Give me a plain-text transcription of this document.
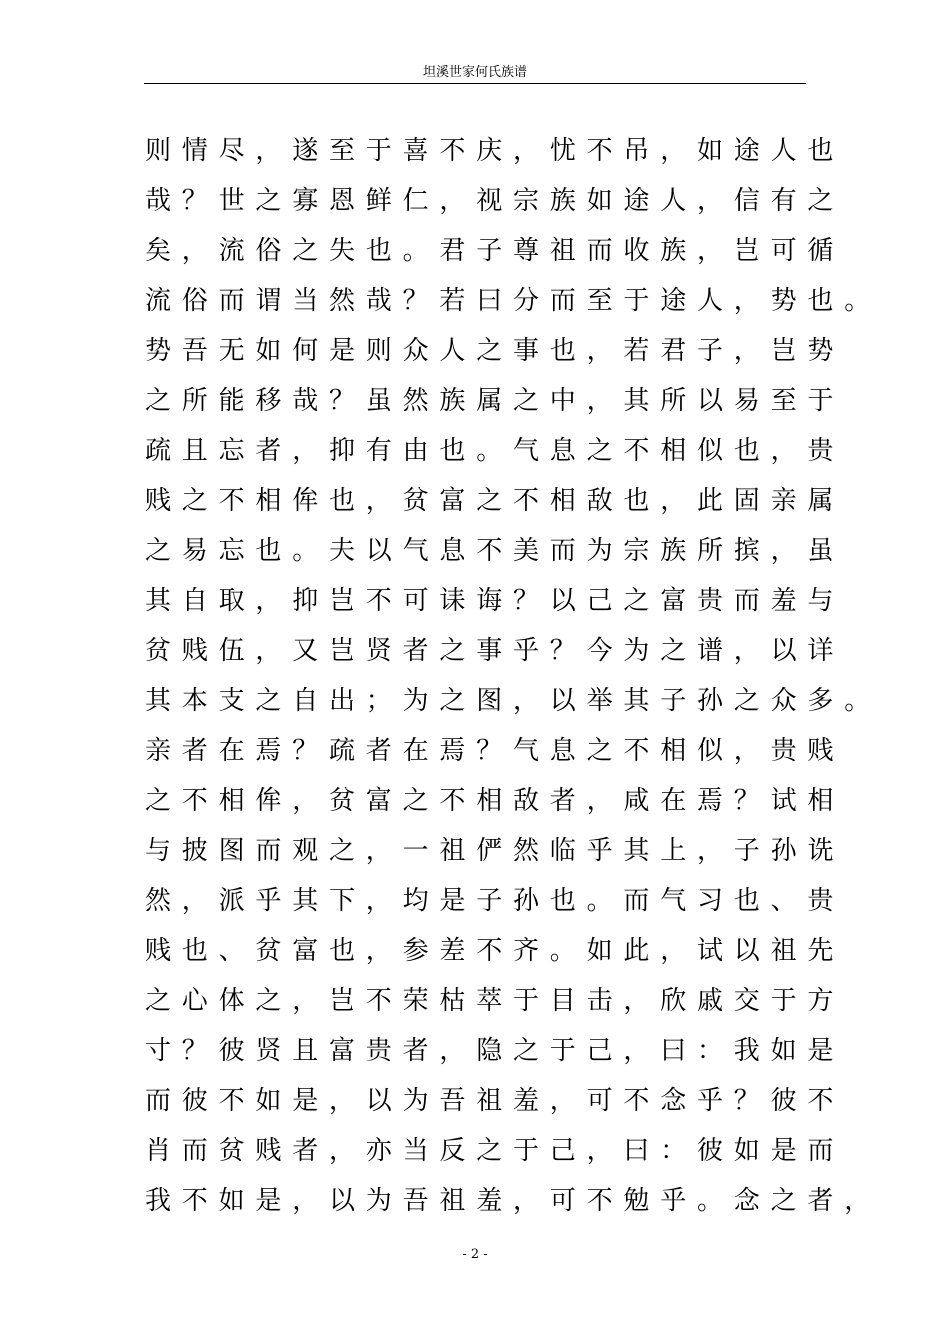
坦溪世家何氏族谱
则情尽，遂至于喜不庆，忧不吊，如途人也
哉？世之寡恩鲜仁，视宗族如途人，信有之
矣，流俗之失也。君子尊祖而收族，岂可循
流俗而谓当然哉？若曰分而至于途人，势也。
势吾无如何是则众人之事也，若君子，岂势
之所能移哉？虽然族属之中，其所以易至于
疏且忘者，抑有由也。气息之不相似也，贵
贱之不相侔也，贫富之不相敌也，此固亲属
之易忘也。夫以气息不美而为宗族所摈，虽
其自取，抑岂不可诔诲？以己之富贵而羞与
贫贱伍，又岂贤者之事乎？今为之谱，以详
其本支之自出；为之图，以举其子孙之众多。
亲者在焉？疏者在焉？气息之不相似，贵贱
之不相侔，贫富之不相敌者，咸在焉？试相
与披图而观之，一祖俨然临乎其上，子孙诜
然，派乎其下，均是子孙也。而气习也、贵
贱也、贫富也，参差不齐。如此，试以祖先
之心体之，岂不荣枯萃于目击，欣戚交于方
寸？彼贤且富贵者，隐之于己，曰：我如是
而彼不如是，以为吾祖羞，可不念乎？彼不
肖而贫贱者，亦当反之于己，曰：彼如是而
我不如是，以为吾祖羞，可不勉乎。念之者，
- 2 -
